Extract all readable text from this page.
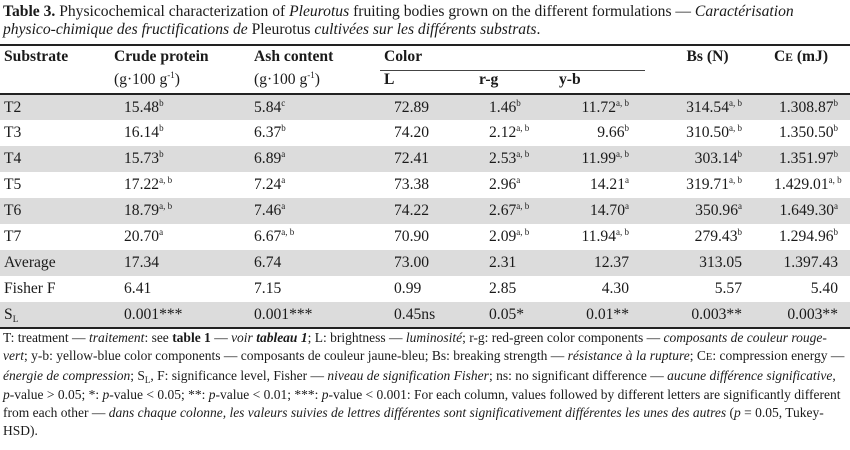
Table 3. Physicochemical characterization of Pleurotus fruiting bodies grown on the different formulations — Caractérisation physico-chimique des fructifications de Pleurotus cultivées sur les différents substrats.
Substrate	Crude protein	Ash content	Color			Bs (N)	CE (mJ)
	(g·100 $g^{-1}$)	(g·100 $g^{-1}$)	L	r-g	y-b		
T2	15.48$^b$	5.84$^c$	72.89	1.46$^b$	11.72$^{a, b}$	314.54$^{a, b}$	1.308.87$^b$
T3	16.14$^b$	6.37$^b$	74.20	2.12$^{a, b}$	9.66$^b$	310.50$^{a, b}$	1.350.50$^b$
T4	15.73$^b$	6.89$^a$	72.41	2.53$^{a, b}$	11.99$^{a, b}$	303.14$^b$	1.351.97$^b$
T5	17.22$^{a, b}$	7.24$^a$	73.38	2.96$^a$	14.21$^a$	319.71$^{a, b}$	1.429.01$^{a, b}$
T6	18.79$^{a, b}$	7.46$^a$	74.22	2.67$^{a, b}$	14.70$^a$	350.96$^a$	1.649.30$^a$
T7	20.70$^a$	6.67$^{a, b}$	70.90	2.09$^{a, b}$	11.94$^{a, b}$	279.43$^b$	1.294.96$^b$
Average	17.34	6.74	73.00	2.31	12.37	313.05	1.397.43
Fisher F	6.41	7.15	0.99	2.85	4.30	5.57	5.40
$S_L$	0.001***	0.001***	0.45ns	0.05*	0.01**	0.003**	0.003**
T: treatment — traitement: see table 1 — voir tableau 1; L: brightness — luminosité; r-g: red-green color components — composants de couleur rouge-vert; y-b: yellow-blue color components — composants de couleur jaune-bleu; Bs: breaking strength — résistance à la rupture; CE: compression energy — énergie de compression; $S_L$, F: significance level, Fisher — niveau de signification Fisher; ns: no significant difference — aucune différence significative, p-value > 0.05; *: p-value < 0.05; **: p-value < 0.01; ***: p-value < 0.001: For each column, values followed by different letters are significantly different from each other — dans chaque colonne, les valeurs suivies de lettres différentes sont significativement différentes les unes des autres (p = 0.05, Tukey-HSD).
